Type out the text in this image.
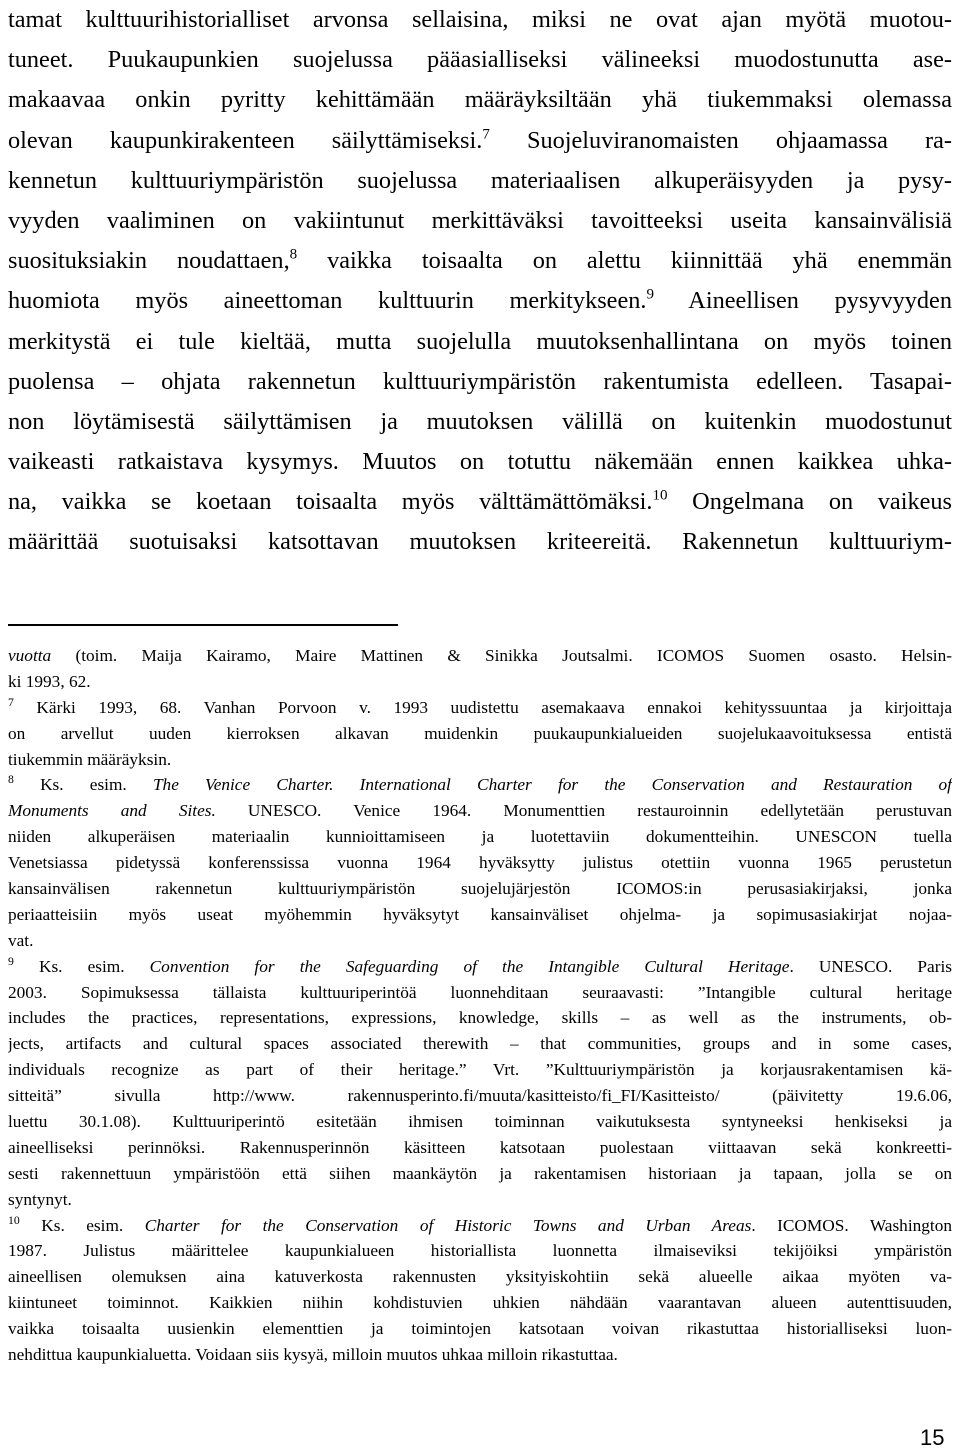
tamat kulttuurihistorialliset arvonsa sellaisina, miksi ne ovat ajan myötä muotou-
tuneet. Puukaupunkien suojelussa pääasialliseksi välineeksi muodostunutta ase-
makaavaa onkin pyritty kehittämään määräyksiltään yhä tiukemmaksi olemassa
olevan kaupunkirakenteen säilyttämiseksi.$^7$ Suojeluviranomaisten ohjaamassa ra-
kennetun kulttuuriympäristön suojelussa materiaalisen alkuperäisyyden ja pysy-
vyyden vaaliminen on vakiintunut merkittäväksi tavoitteeksi useita kansainvälisiä
suosituksiakin noudattaen,$^8$ vaikka toisaalta on alettu kiinnittää yhä enemmän
huomiota myös aineettoman kulttuurin merkitykseen.$^9$ Aineellisen pysyvyyden
merkitystä ei tule kieltää, mutta suojelulla muutoksenhallintana on myös toinen
puolensa – ohjata rakennetun kulttuuriympäristön rakentumista edelleen. Tasapai-
non löytämisestä säilyttämisen ja muutoksen välillä on kuitenkin muodostunut
vaikeasti ratkaistava kysymys. Muutos on totuttu näkemään ennen kaikkea uhka-
na, vaikka se koetaan toisaalta myös välttämättömäksi.$^{10}$ Ongelmana on vaikeus
määrittää suotuisaksi katsottavan muutoksen kriteereitä. Rakennetun kulttuuriym-
vuotta (toim. Maija Kairamo, Maire Mattinen & Sinikka Joutsalmi. ICOMOS Suomen osasto. Helsin-
ki 1993, 62.
$^7$ Kärki 1993, 68. Vanhan Porvoon v. 1993 uudistettu asemakaava ennakoi kehityssuuntaa ja kirjoittaja
on arvellut uuden kierroksen alkavan muidenkin puukaupunkialueiden suojelukaavoituksessa entistä
tiukemmin määräyksin.
$^8$ Ks. esim. The Venice Charter. International Charter for the Conservation and Restauration of
Monuments and Sites. UNESCO. Venice 1964. Monumenttien restauroinnin edellytetään perustuvan
niiden alkuperäisen materiaalin kunnioittamiseen ja luotettaviin dokumentteihin. UNESCON tuella
Venetsiassa pidetyssä konferenssissa vuonna 1964 hyväksytty julistus otettiin vuonna 1965 perustetun
kansainvälisen rakennetun kulttuuriympäristön suojelujärjestön ICOMOS:in perusasiakirjaksi, jonka
periaatteisiin myös useat myöhemmin hyväksytyt kansainväliset ohjelma- ja sopimusasiakirjat nojaa-
vat.
$^9$ Ks. esim. Convention for the Safeguarding of the Intangible Cultural Heritage. UNESCO. Paris
2003. Sopimuksessa tällaista kulttuuriperintöä luonnehditaan seuraavasti: ”Intangible cultural heritage
includes the practices, representations, expressions, knowledge, skills – as well as the instruments, ob-
jects, artifacts and cultural spaces associated therewith – that communities, groups and in some cases,
individuals recognize as part of their heritage.” Vrt. ”Kulttuuriympäristön ja korjausrakentamisen kä-
sitteitä” sivulla http://www. rakennusperinto.fi/muuta/kasitteisto/fi_FI/Kasitteisto/ (päivitetty 19.6.06,
luettu 30.1.08). Kulttuuriperintö esitetään ihmisen toiminnan vaikutuksesta syntyneeksi henkiseksi ja
aineelliseksi perinnöksi. Rakennusperinnön käsitteen katsotaan puolestaan viittaavan sekä konkreetti-
sesti rakennettuun ympäristöön että siihen maankäytön ja rakentamisen historiaan ja tapaan, jolla se on
syntynyt.
$^{10}$ Ks. esim. Charter for the Conservation of Historic Towns and Urban Areas. ICOMOS. Washington
1987. Julistus määrittelee kaupunkialueen historiallista luonnetta ilmaiseviksi tekijöiksi ympäristön
aineellisen olemuksen aina katuverkosta rakennusten yksityiskohtiin sekä alueelle aikaa myöten va-
kiintuneet toiminnot. Kaikkien niihin kohdistuvien uhkien nähdään vaarantavan alueen autenttisuuden,
vaikka toisaalta uusienkin elementtien ja toimintojen katsotaan voivan rikastuttaa historialliseksi luon-
nehdittua kaupunkialuetta. Voidaan siis kysyä, milloin muutos uhkaa milloin rikastuttaa.
15
